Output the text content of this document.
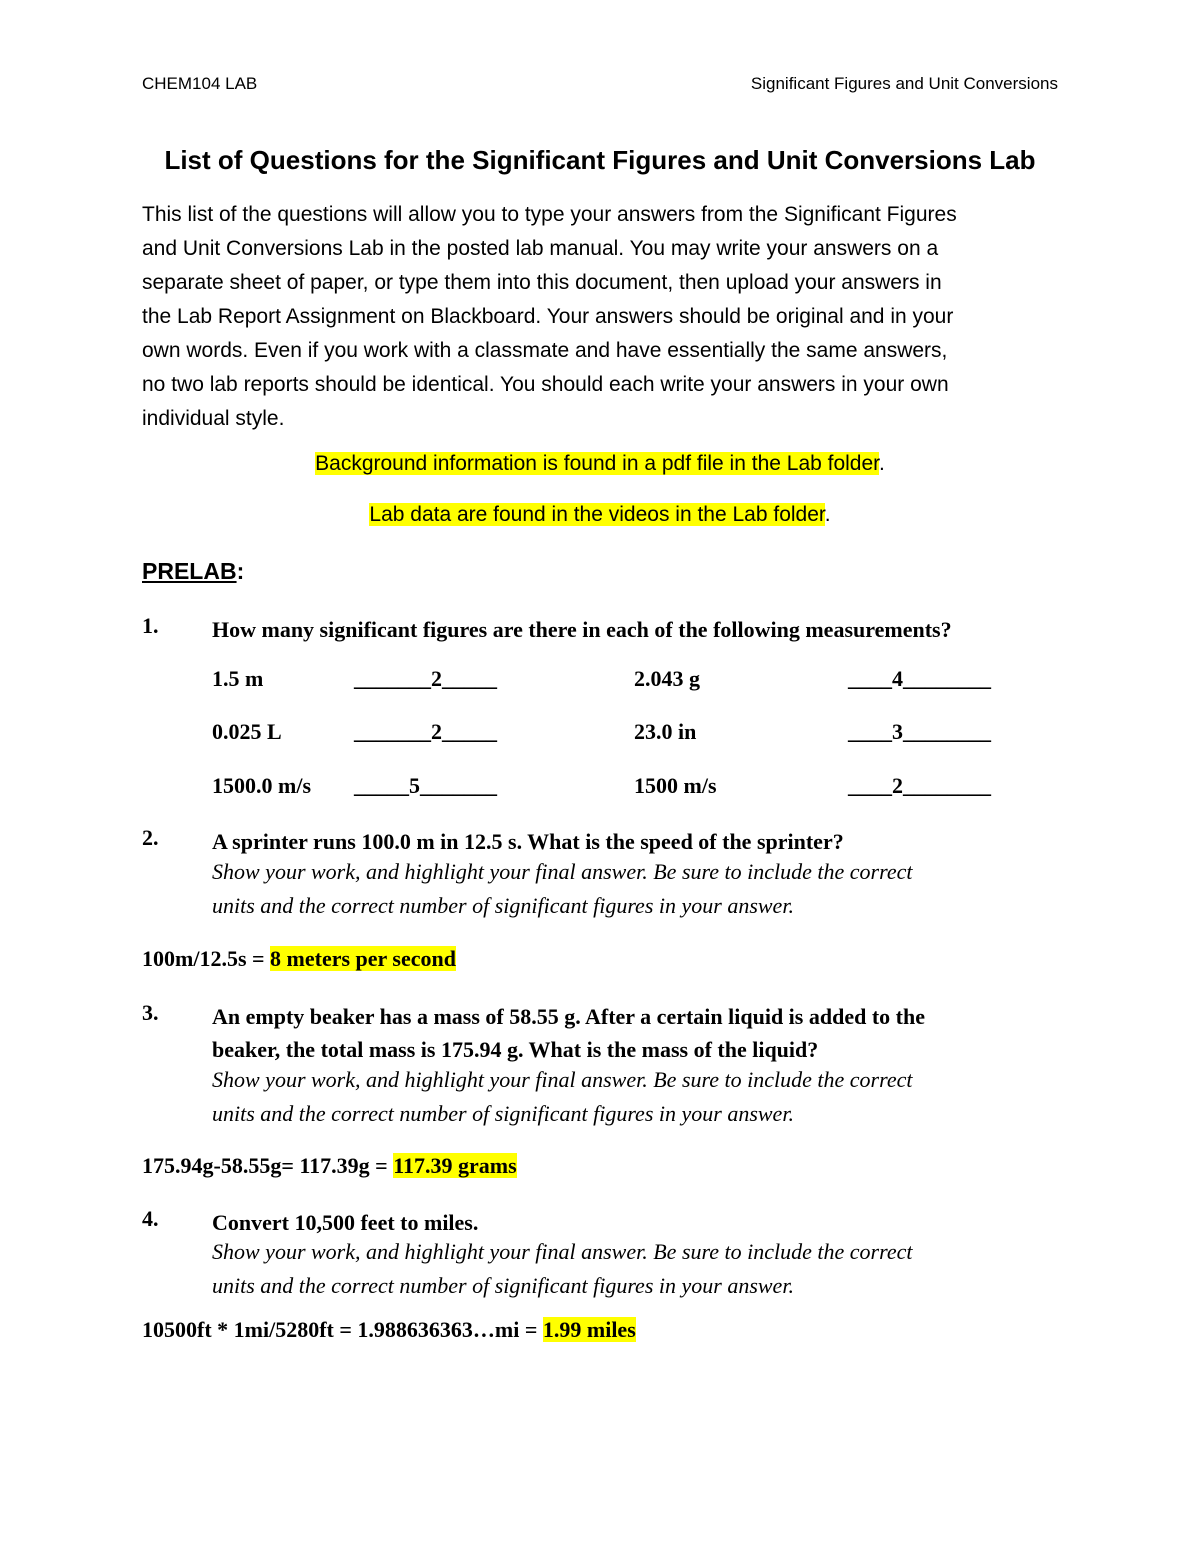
CHEM104 LAB	Significant Figures and Unit Conversions
List of Questions for the Significant Figures and Unit Conversions Lab
This list of the questions will allow you to type your answers from the Significant Figures
and Unit Conversions Lab in the posted lab manual. You may write your answers on a
separate sheet of paper, or type them into this document, then upload your answers in
the Lab Report Assignment on Blackboard. Your answers should be original and in your
own words. Even if you work with a classmate and have essentially the same answers,
no two lab reports should be identical. You should each write your answers in your own
individual style.
Background information is found in a pdf file in the Lab folder.
Lab data are found in the videos in the Lab folder.
PRELAB:
1. How many significant figures are there in each of the following measurements?
1.5 m	_______2_____	2.043 g	____4________
0.025 L	_______2_____	23.0 in	____3________
1500.0 m/s _____5_______	1500 m/s	____2________
2. A sprinter runs 100.0 m in 12.5 s. What is the speed of the sprinter?
Show your work, and highlight your final answer. Be sure to include the correct
units and the correct number of significant figures in your answer.
100m/12.5s = 8 meters per second
3. An empty beaker has a mass of 58.55 g. After a certain liquid is added to the
beaker, the total mass is 175.94 g. What is the mass of the liquid?
Show your work, and highlight your final answer. Be sure to include the correct
units and the correct number of significant figures in your answer.
175.94g-58.55g= 117.39g = 117.39 grams
4. Convert 10,500 feet to miles.
Show your work, and highlight your final answer. Be sure to include the correct
units and the correct number of significant figures in your answer.
10500ft * 1mi/5280ft = 1.988636363…mi = 1.99 miles
